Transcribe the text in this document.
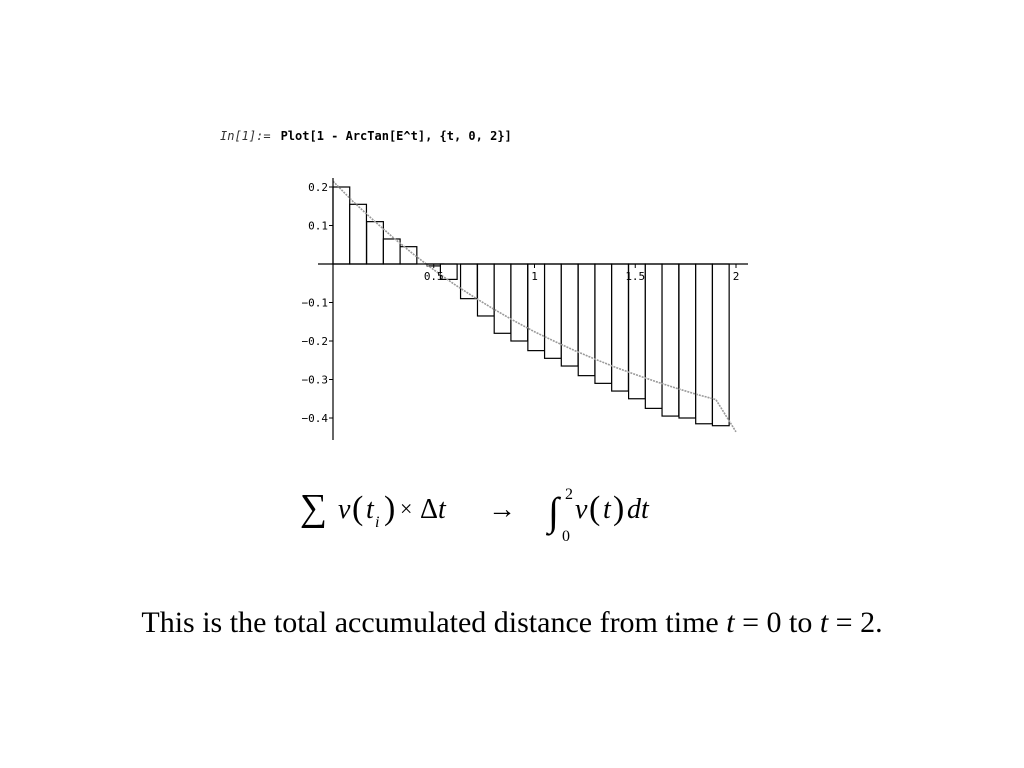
In[1]:= Plot[1 - ArcTan[E^t], {t, 0, 2}]
0.5	1	1.5	2
0.2
0.1
−0.1
−0.2
−0.3
−0.4
∑ v ( t i ) × Δ t → ∫ 2
0
v ( t ) dt
This is the total accumulated distance from time t = 0 to t = 2.
